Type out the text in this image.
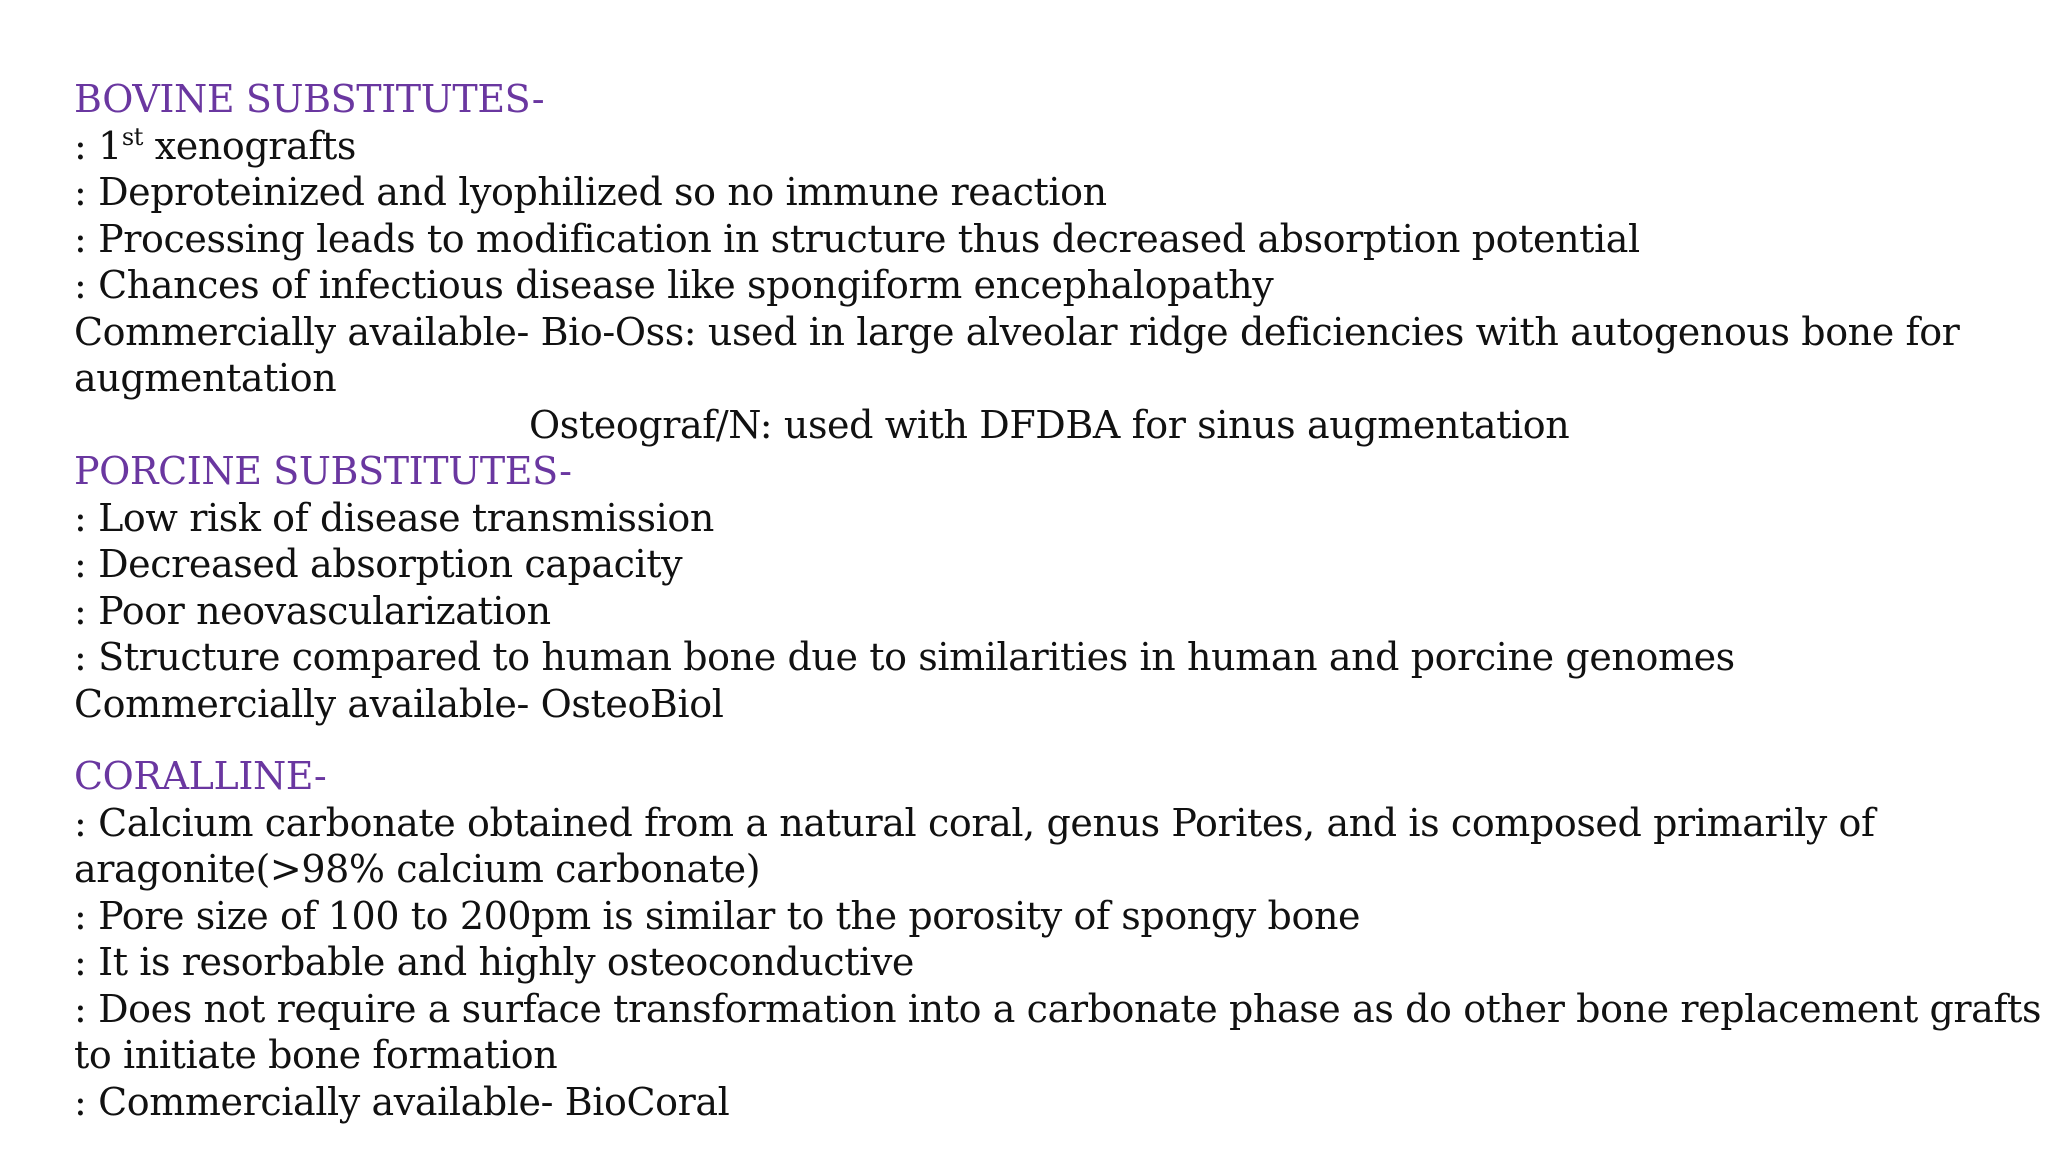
BOVINE SUBSTITUTES-
: 1st xenografts
: Deproteinized and lyophilized so no immune reaction
: Processing leads to modification in structure thus decreased absorption potential
: Chances of infectious disease like spongiform encephalopathy
Commercially available- Bio-Oss: used in large alveolar ridge deficiencies with autogenous bone for
augmentation
Osteograf/N: used with DFDBA for sinus augmentation
PORCINE SUBSTITUTES-
: Low risk of disease transmission
: Decreased absorption capacity
: Poor neovascularization
: Structure compared to human bone due to similarities in human and porcine genomes
Commercially available- OsteoBiol
CORALLINE-
: Calcium carbonate obtained from a natural coral, genus Porites, and is composed primarily of
aragonite(>98% calcium carbonate)
: Pore size of 100 to 200pm is similar to the porosity of spongy bone
: It is resorbable and highly osteoconductive
: Does not require a surface transformation into a carbonate phase as do other bone replacement grafts
to initiate bone formation
: Commercially available- BioCoral
